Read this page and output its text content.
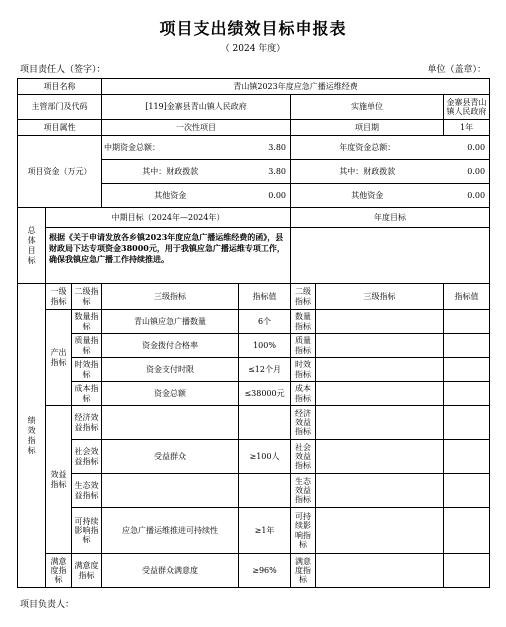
项目支出绩效目标申报表
（ 2024 年度）
项目责任人（签字）：	单位（盖章）：
项目名称			青山镇2023年度应急广播运维经费				
主管部门及代码			[119]金寨县青山镇人民政府		实施单位		金寨县青山镇人民政府
项目属性			一次性项目		项目期		1年
项目资金（万元）			中期资金总额：	3.80	年度资金总额：		0.00
			其中：财政拨款	3.80	其中：财政拨款		0.00
			其他资金	0.00	其他资金		0.00
总体目标	中期目标（2024年—2024年）				年度目标		
	根据《关于申请发放各乡镇2023年度应急广播运维经费的函》，县财政局下达专项资金38000元，用于我镇应急广播运维专项工作，确保我镇应急广播工作持续推进。						
绩效指标	一级指标	二级指标	三级指标	指标值	二级指标	三级指标	指标值
	产出指标	数量指标	青山镇应急广播数量	6个	数量指标		
		质量指标	资金拨付合格率	100%	质量指标		
		时效指标	资金支付时限	≤12个月	时效指标		
		成本指标	资金总额	≤38000元	成本指标		
	效益指标	经济效益指标			经济效益指标		
		社会效益指标	受益群众	≥100人	社会效益指标		
		生态效益指标			生态效益指标		
		可持续影响指标	应急广播运维推进可持续性	≥1年	可持续影响指标		
	满意度指标	满意度指标	受益群众满意度	≥96%	满意度指标		
项目负责人：
